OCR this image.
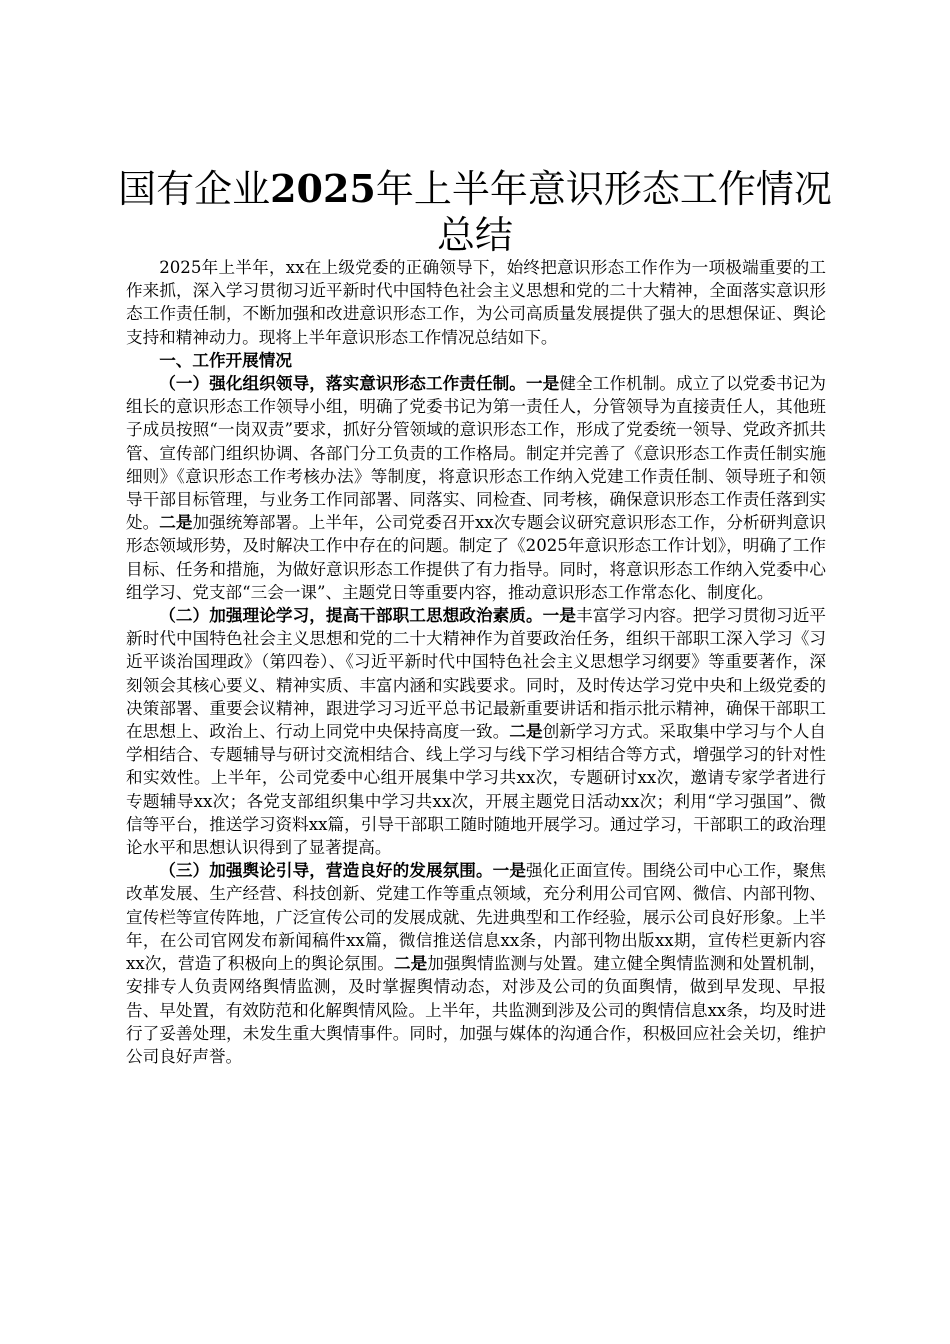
国有企业2025年上半年意识形态工作情况总结

2025年上半年，xx在上级党委的正确领导下，始终把意识形态工作作为一项极端重要的工作来抓，深入学习贯彻习近平新时代中国特色社会主义思想和党的二十大精神，全面落实意识形态工作责任制，不断加强和改进意识形态工作，为公司高质量发展提供了强大的思想保证、舆论支持和精神动力。现将上半年意识形态工作情况总结如下。

一、工作开展情况

（一）强化组织领导，落实意识形态工作责任制。一是健全工作机制。成立了以党委书记为组长的意识形态工作领导小组，明确了党委书记为第一责任人，分管领导为直接责任人，其他班子成员按照“一岗双责”要求，抓好分管领域的意识形态工作，形成了党委统一领导、党政齐抓共管、宣传部门组织协调、各部门分工负责的工作格局。制定并完善了《意识形态工作责任制实施细则》《意识形态工作考核办法》等制度，将意识形态工作纳入党建工作责任制、领导班子和领导干部目标管理，与业务工作同部署、同落实、同检查、同考核，确保意识形态工作责任落到实处。二是加强统筹部署。上半年，公司党委召开xx次专题会议研究意识形态工作，分析研判意识形态领域形势，及时解决工作中存在的问题。制定了《2025年意识形态工作计划》，明确了工作目标、任务和措施，为做好意识形态工作提供了有力指导。同时，将意识形态工作纳入党委中心组学习、党支部“三会一课”、主题党日等重要内容，推动意识形态工作常态化、制度化。

（二）加强理论学习，提高干部职工思想政治素质。一是丰富学习内容。把学习贯彻习近平新时代中国特色社会主义思想和党的二十大精神作为首要政治任务，组织干部职工深入学习《习近平谈治国理政》（第四卷）、《习近平新时代中国特色社会主义思想学习纲要》等重要著作，深刻领会其核心要义、精神实质、丰富内涵和实践要求。同时，及时传达学习党中央和上级党委的决策部署、重要会议精神，跟进学习习近平总书记最新重要讲话和指示批示精神，确保干部职工在思想上、政治上、行动上同党中央保持高度一致。二是创新学习方式。采取集中学习与个人自学相结合、专题辅导与研讨交流相结合、线上学习与线下学习相结合等方式，增强学习的针对性和实效性。上半年，公司党委中心组开展集中学习共xx次，专题研讨xx次，邀请专家学者进行专题辅导xx次；各党支部组织集中学习共xx次，开展主题党日活动xx次；利用“学习强国”、微信等平台，推送学习资料xx篇，引导干部职工随时随地开展学习。通过学习，干部职工的政治理论水平和思想认识得到了显著提高。

（三）加强舆论引导，营造良好的发展氛围。一是强化正面宣传。围绕公司中心工作，聚焦改革发展、生产经营、科技创新、党建工作等重点领域，充分利用公司官网、微信、内部刊物、宣传栏等宣传阵地，广泛宣传公司的发展成就、先进典型和工作经验，展示公司良好形象。上半年，在公司官网发布新闻稿件xx篇，微信推送信息xx条，内部刊物出版xx期，宣传栏更新内容xx次，营造了积极向上的舆论氛围。二是加强舆情监测与处置。建立健全舆情监测和处置机制，安排专人负责网络舆情监测，及时掌握舆情动态，对涉及公司的负面舆情，做到早发现、早报告、早处置，有效防范和化解舆情风险。上半年，共监测到涉及公司的舆情信息xx条，均及时进行了妥善处理，未发生重大舆情事件。同时，加强与媒体的沟通合作，积极回应社会关切，维护公司良好声誉。
